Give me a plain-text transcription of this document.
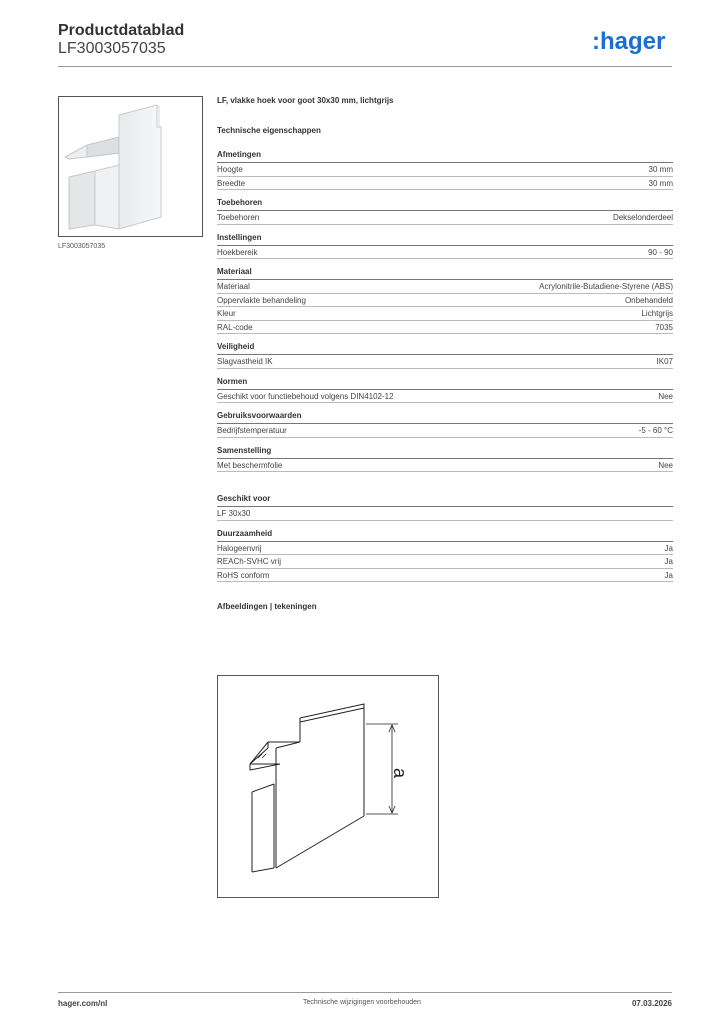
Productdatablad
LF3003057035	:hager
LF3003057035
LF, vlakke hoek voor goot 30x30 mm, lichtgrijs
Technische eigenschappen
Afmetingen
Hoogte	30 mm
Breedte	30 mm
Toebehoren
Toebehoren	Dekselonderdeel
Instellingen
Hoekbereik	90 - 90
Materiaal
Materiaal	Acrylonitrile-Butadiene-Styrene (ABS)
Oppervlakte behandeling	Onbehandeld
Kleur	Lichtgrijs
RAL-code	7035
Veiligheid
Slagvastheid IK	IK07
Normen
Geschikt voor functiebehoud volgens DIN4102-12	Nee
Gebruiksvoorwaarden
Bedrijfstemperatuur	-5 - 60 °C
Samenstelling
Met beschermfolie	Nee
Geschikt voor
LF 30x30
Duurzaamheid
Halogeenvrij	Ja
REACh-SVHC vrij	Ja
RoHS conform	Ja
Afbeeldingen | tekeningen
a
hager.com/nl	Technische wijzigingen voorbehouden	07.03.2026
